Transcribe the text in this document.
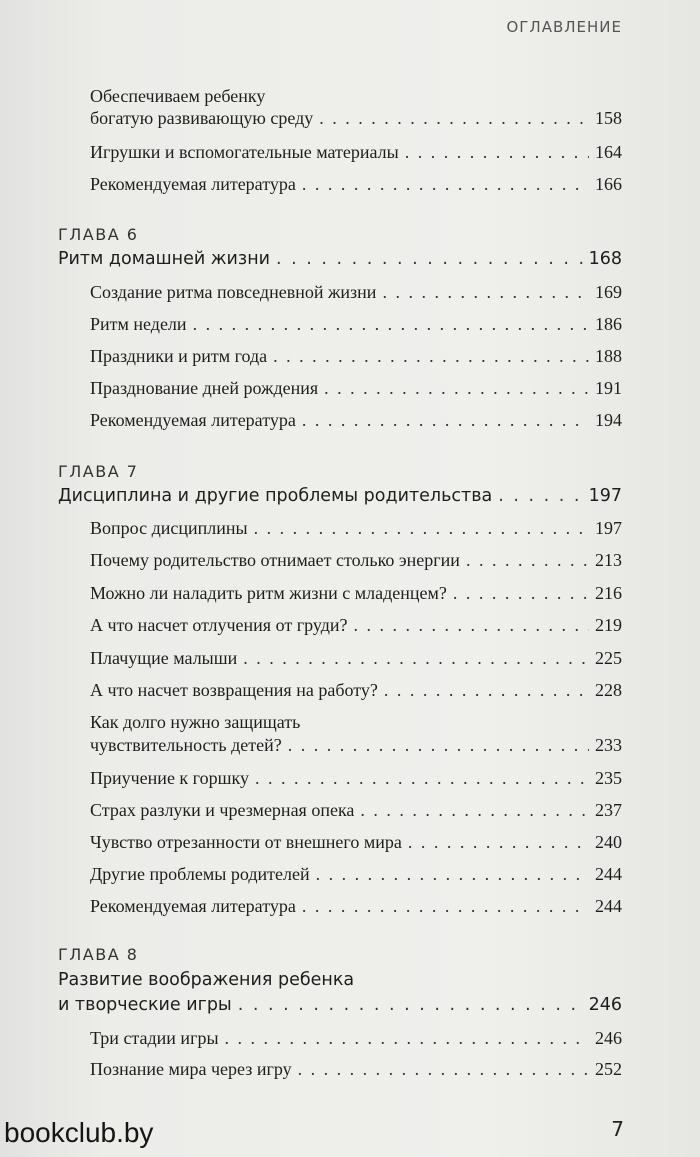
ОГЛАВЛЕНИЕ
Обеспечиваем ребенку
богатую развивающую среду . . .	158
Игрушки и вспомогательные материалы . . .	164
Рекомендуемая литература . . .	166
ГЛАВА 6
Ритм домашней жизни . . .	168
Создание ритма повседневной жизни . . .	169
Ритм недели . . .	186
Праздники и ритм года . . .	188
Празднование дней рождения . . .	191
Рекомендуемая литература . . .	194
ГЛАВА 7
Дисциплина и другие проблемы родительства . . .	197
Вопрос дисциплины . . .	197
Почему родительство отнимает столько энергии . . .	213
Можно ли наладить ритм жизни с младенцем? . . .	216
А что насчет отлучения от груди? . . .	219
Плачущие малыши . . .	225
А что насчет возвращения на работу? . . .	228
Как долго нужно защищать
чувствительность детей? . . .	233
Приучение к горшку . . .	235
Страх разлуки и чрезмерная опека . . .	237
Чувство отрезанности от внешнего мира . . .	240
Другие проблемы родителей . . .	244
Рекомендуемая литература . . .	244
ГЛАВА 8
Развитие воображения ребенка
и творческие игры . . .	246
Три стадии игры . . .	246
Познание мира через игру . . .	252
bookclub.by	7
